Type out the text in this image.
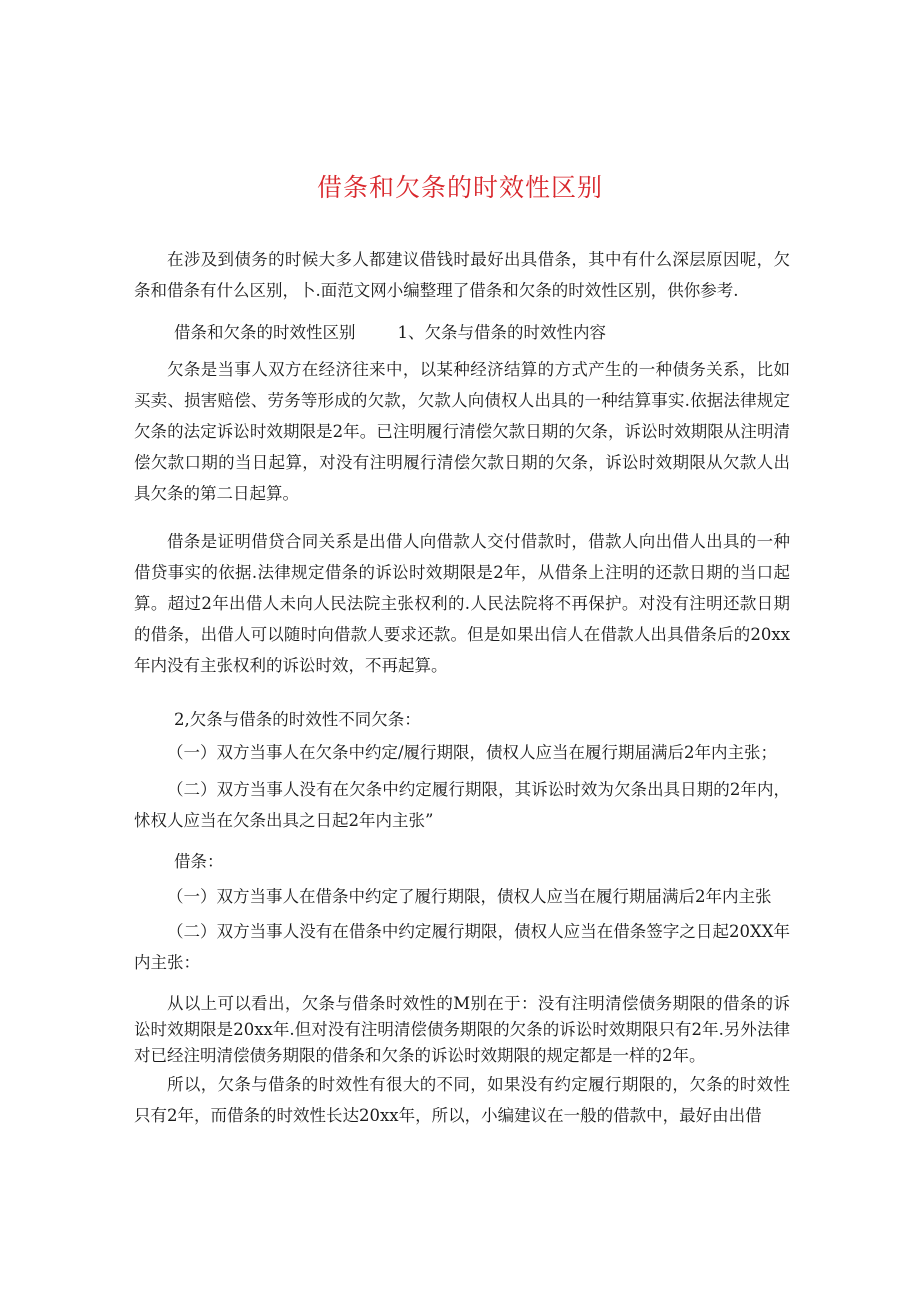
借条和欠条的时效性区别

在涉及到债务的时候大多人都建议借钱时最好出具借条，其中有什么深层原因呢，欠条和借条有什么区别，卜.面范文网小编整理了借条和欠条的时效性区别，供你参考.

借条和欠条的时效性区别	1、欠条与借条的时效性内容

欠条是当事人双方在经济往来中，以某种经济结算的方式产生的一种债务关系，比如买卖、损害赔偿、劳务等形成的欠款，欠款人向债权人出具的一种结算事实.依据法律规定欠条的法定诉讼时效期限是2年。已注明履行清偿欠款日期的欠条，诉讼时效期限从注明清偿欠款口期的当日起算，对没有注明履行清偿欠款日期的欠条，诉讼时效期限从欠款人出具欠条的第二日起算。

借条是证明借贷合同关系是出借人向借款人交付借款时，借款人向出借人出具的一种借贷事实的依据.法律规定借条的诉讼时效期限是2年，从借条上注明的还款日期的当口起算。超过2年出借人未向人民法院主张权利的.人民法院将不再保护。对没有注明还款日期的借条，出借人可以随时向借款人要求还款。但是如果出信人在借款人出具借条后的20xx年内没有主张权利的诉讼时效，不再起算。

2,欠条与借条的时效性不同欠条：

（一）双方当事人在欠条中约定/履行期限，债权人应当在履行期届满后2年内主张；

（二）双方当事人没有在欠条中约定履行期限，其诉讼时效为欠条出具日期的2年内，怵权人应当在欠条出具之日起2年内主张”

借条：

（一）双方当事人在借条中约定了履行期限，债权人应当在履行期届满后2年内主张

（二）双方当事人没有在借条中约定履行期限，债权人应当在借条签字之日起20XX年内主张：

从以上可以看出，欠条与借条时效性的M别在于：没有注明清偿债务期限的借条的诉讼时效期限是20xx年.但对没有注明清偿债务期限的欠条的诉讼时效期限只有2年.另外法律对已经注明清偿债务期限的借条和欠条的诉讼时效期限的规定都是一样的2年。

所以，欠条与借条的时效性有很大的不同，如果没有约定履行期限的，欠条的时效性只有2年，而借条的时效性长达20xx年，所以，小编建议在一般的借款中，最好由出借
